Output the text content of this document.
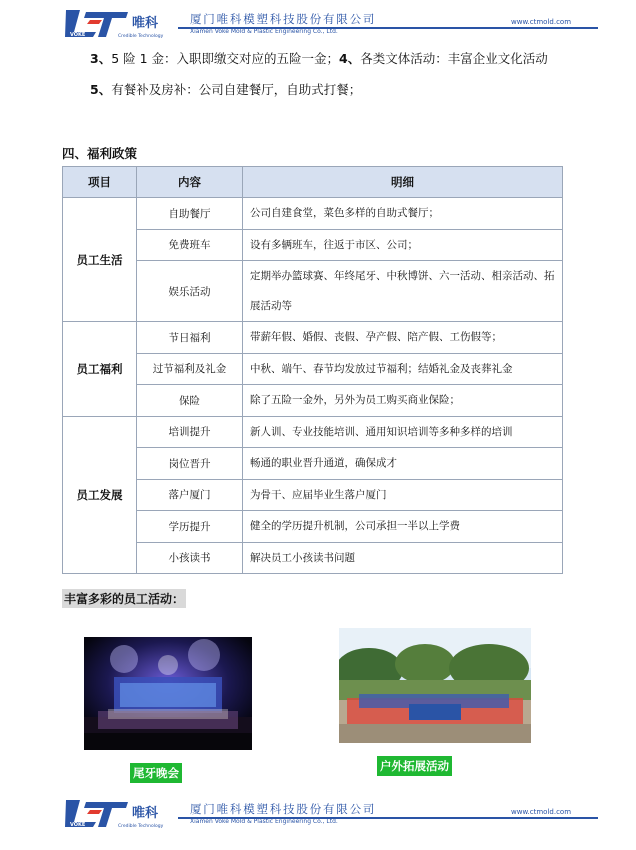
VOKE
唯科
Credible Technology
厦门唯科模塑科技股份有限公司
Xiamen Voke Mold & Plastic Engineering Co., Ltd.
www.ctmold.com
3、5 险 1 金：入职即缴交对应的五险一金；4、各类文体活动：丰富企业文化活动
5、有餐补及房补：公司自建餐厅，自助式打餐；
四、福利政策
项目	内容	明细
员工生活	自助餐厅	公司自建食堂，菜色多样的自助式餐厅；
	免费班车	设有多辆班车，往返于市区、公司；
	娱乐活动	定期举办篮球赛、年终尾牙、中秋博饼、六一活动、相亲活动、拓
展活动等
员工福利	节日福利	带薪年假、婚假、丧假、孕产假、陪产假、工伤假等；
	过节福利及礼金	中秋、端午、春节均发放过节福利；结婚礼金及丧葬礼金
	保险	除了五险一金外，另外为员工购买商业保险；
员工发展	培训提升	新人训、专业技能培训、通用知识培训等多种多样的培训
	岗位晋升	畅通的职业晋升通道，确保成才
	落户厦门	为骨干、应届毕业生落户厦门
	学历提升	健全的学历提升机制，公司承担一半以上学费
	小孩读书	解决员工小孩读书问题
丰富多彩的员工活动：
尾牙晚会	户外拓展活动
VOKE
唯科
Credible Technology
厦门唯科模塑科技股份有限公司
Xiamen Voke Mold & Plastic Engineering Co., Ltd.
www.ctmold.com
